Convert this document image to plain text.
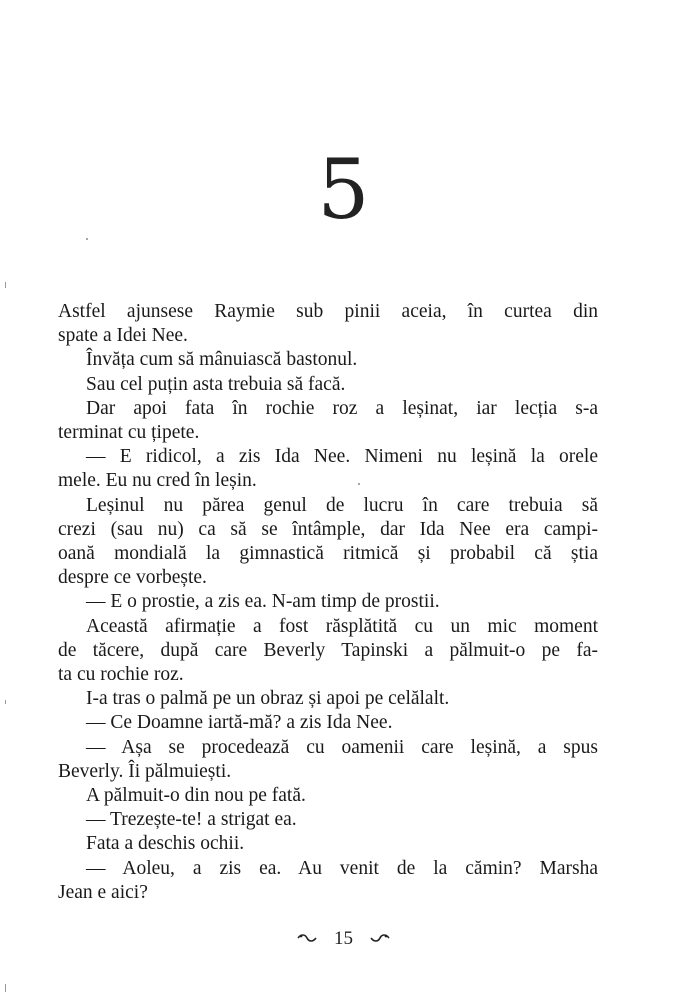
5
Astfel ajunsese Raymie sub pinii aceia, în curtea din
spate a Idei Nee.
Învăța cum să mânuiască bastonul.
Sau cel puțin asta trebuia să facă.
Dar apoi fata în rochie roz a leșinat, iar lecția s-a
terminat cu țipete.
— E ridicol, a zis Ida Nee. Nimeni nu leșină la orele
mele. Eu nu cred în leșin.
Leșinul nu părea genul de lucru în care trebuia să
crezi (sau nu) ca să se întâmple, dar Ida Nee era campi-
oană mondială la gimnastică ritmică și probabil că știa
despre ce vorbește.
— E o prostie, a zis ea. N-am timp de prostii.
Această afirmație a fost răsplătită cu un mic moment
de tăcere, după care Beverly Tapinski a pălmuit-o pe fa-
ta cu rochie roz.
I-a tras o palmă pe un obraz și apoi pe celălalt.
— Ce Doamne iartă-mă? a zis Ida Nee.
— Așa se procedează cu oamenii care leșină, a spus
Beverly. Îi pălmuiești.
A pălmuit-o din nou pe fată.
— Trezește-te! a strigat ea.
Fata a deschis ochii.
— Aoleu, a zis ea. Au venit de la cămin? Marsha
Jean e aici?
15
